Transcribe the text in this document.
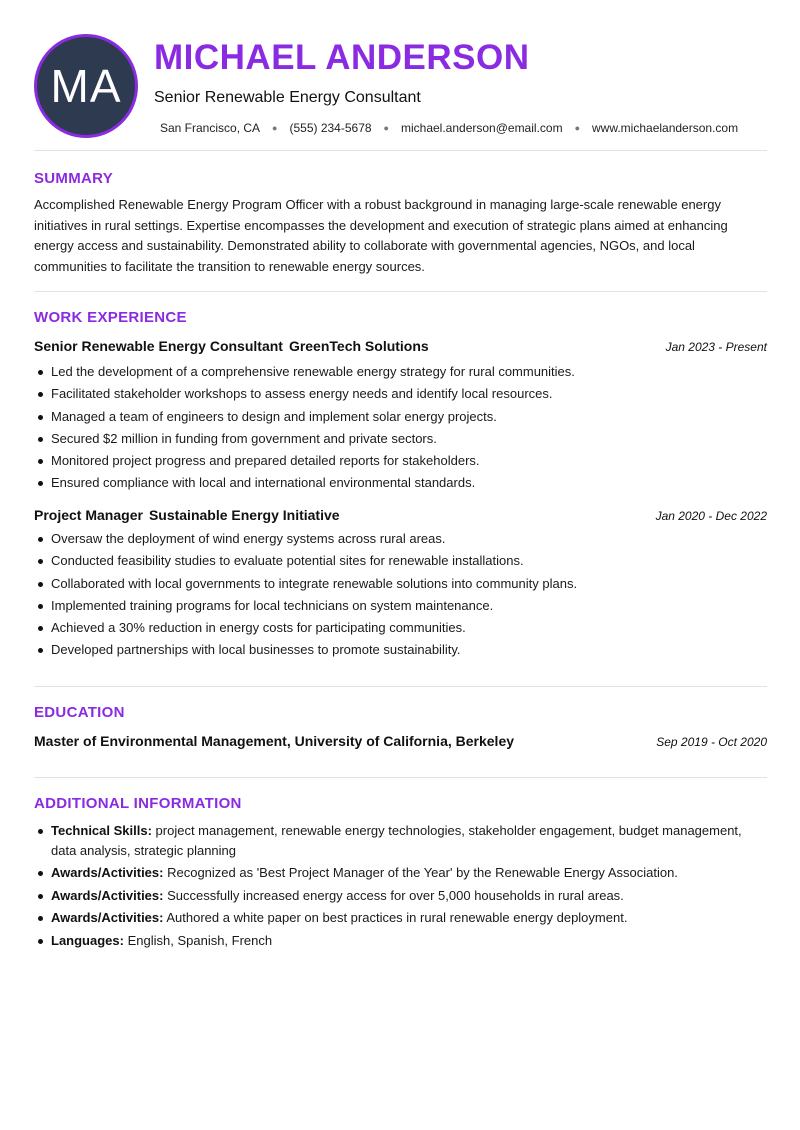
MA
MICHAEL ANDERSON
Senior Renewable Energy Consultant
San Francisco, CA ● (555) 234-5678 ● michael.anderson@email.com ● www.michaelanderson.com
SUMMARY

Accomplished Renewable Energy Program Officer with a robust background in managing large-scale renewable energy initiatives in rural settings. Expertise encompasses the development and execution of strategic plans aimed at enhancing energy access and sustainability. Demonstrated ability to collaborate with governmental agencies, NGOs, and local communities to facilitate the transition to renewable energy sources.

WORK EXPERIENCE
Senior Renewable Energy Consultant GreenTech Solutions	Jan 2023 - Present
Led the development of a comprehensive renewable energy strategy for rural communities.
Facilitated stakeholder workshops to assess energy needs and identify local resources.
Managed a team of engineers to design and implement solar energy projects.
Secured $2 million in funding from government and private sectors.
Monitored project progress and prepared detailed reports for stakeholders.
Ensured compliance with local and international environmental standards.
Project Manager Sustainable Energy Initiative	Jan 2020 - Dec 2022
Oversaw the deployment of wind energy systems across rural areas.
Conducted feasibility studies to evaluate potential sites for renewable installations.
Collaborated with local governments to integrate renewable solutions into community plans.
Implemented training programs for local technicians on system maintenance.
Achieved a 30% reduction in energy costs for participating communities.
Developed partnerships with local businesses to promote sustainability.
EDUCATION
Master of Environmental Management, University of California, Berkeley	Sep 2019 - Oct 2020
ADDITIONAL INFORMATION
Technical Skills: project management, renewable energy technologies, stakeholder engagement, budget management, data analysis, strategic planning
Awards/Activities: Recognized as 'Best Project Manager of the Year' by the Renewable Energy Association.
Awards/Activities: Successfully increased energy access for over 5,000 households in rural areas.
Awards/Activities: Authored a white paper on best practices in rural renewable energy deployment.
Languages: English, Spanish, French
